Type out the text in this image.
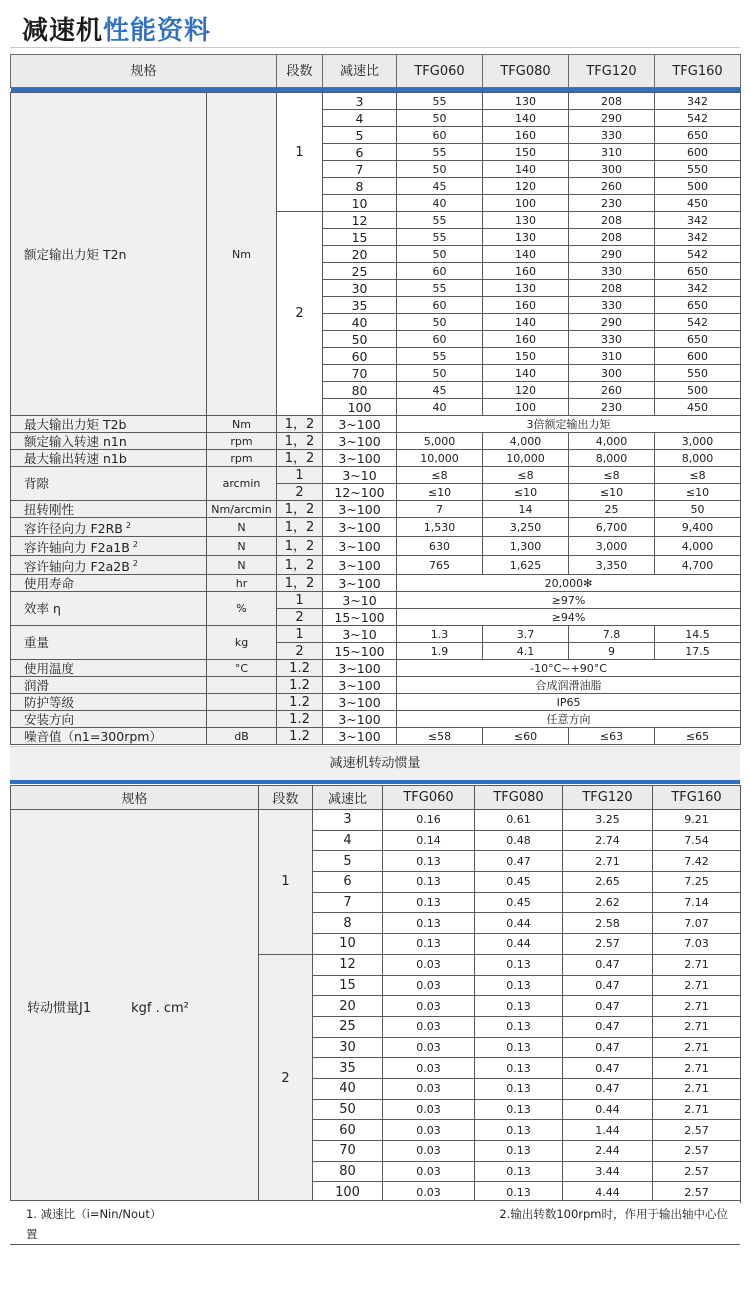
减速机性能资料
规格		段数	减速比	TFG060	TFG080	TFG120	TFG160

额定输出力矩 T2n	Nm	1	3	55	130	208	342
			4	50	140	290	542
			5	60	160	330	650
			6	55	150	310	600
			7	50	140	300	550
			8	45	120	260	500
			10	40	100	230	450
		2	12	55	130	208	342
			15	55	130	208	342
			20	50	140	290	542
			25	60	160	330	650
			30	55	130	208	342
			35	60	160	330	650
			40	50	140	290	542
			50	60	160	330	650
			60	55	150	310	600
			70	50	140	300	550
			80	45	120	260	500
			100	40	100	230	450
最大输出力矩 T2b	Nm	1，2	3~100	3倍额定输出力矩			
额定输入转速 n1n	rpm	1，2	3~100	5,000	4,000	4,000	3,000
最大输出转速 n1b	rpm	1，2	3~100	10,000	10,000	8,000	8,000
背隙	arcmin	1	3~10	≤8	≤8	≤8	≤8
		2	12~100	≤10	≤10	≤10	≤10
扭转刚性	Nm/arcmin	1，2	3~100	7	14	25	50
容许径向力 F2RB $^2$	N	1，2	3~100	1,530	3,250	6,700	9,400
容许轴向力 F2a1B $^2$	N	1，2	3~100	630	1,300	3,000	4,000
容许轴向力 F2a2B $^2$	N	1，2	3~100	765	1,625	3,350	4,700
使用寿命	hr	1，2	3~100	20,000✻			
效率 η	%	1	3~10	≥97%			
		2	15~100	≥94%			
重量	kg	1	3~10	1.3	3.7	7.8	14.5
		2	15~100	1.9	4.1	9	17.5
使用温度	°C	1.2	3~100	-10°C~+90°C			
润滑		1.2	3~100	合成润滑油脂			
防护等级		1.2	3~100	IP65			
安装方向		1.2	3~100	任意方向			
噪音值（n1=300rpm）	dB	1.2	3~100	≤58	≤60	≤63	≤65
减速机转动惯量
规格	段数	减速比	TFG060	TFG080	TFG120	TFG160
转动惯量J1 kgf . cm²	1	3	0.16	0.61	3.25	9.21
		4	0.14	0.48	2.74	7.54
		5	0.13	0.47	2.71	7.42
		6	0.13	0.45	2.65	7.25
		7	0.13	0.45	2.62	7.14
		8	0.13	0.44	2.58	7.07
		10	0.13	0.44	2.57	7.03
	2	12	0.03	0.13	0.47	2.71
		15	0.03	0.13	0.47	2.71
		20	0.03	0.13	0.47	2.71
		25	0.03	0.13	0.47	2.71
		30	0.03	0.13	0.47	2.71
		35	0.03	0.13	0.47	2.71
		40	0.03	0.13	0.47	2.71
		50	0.03	0.13	0.44	2.71
		60	0.03	0.13	1.44	2.57
		70	0.03	0.13	2.44	2.57
		80	0.03	0.13	3.44	2.57
		100	0.03	0.13	4.44	2.57
1. 减速比（i=Nin/Nout）
置
2.输出转数100rpm时，作用于输出轴中心位
